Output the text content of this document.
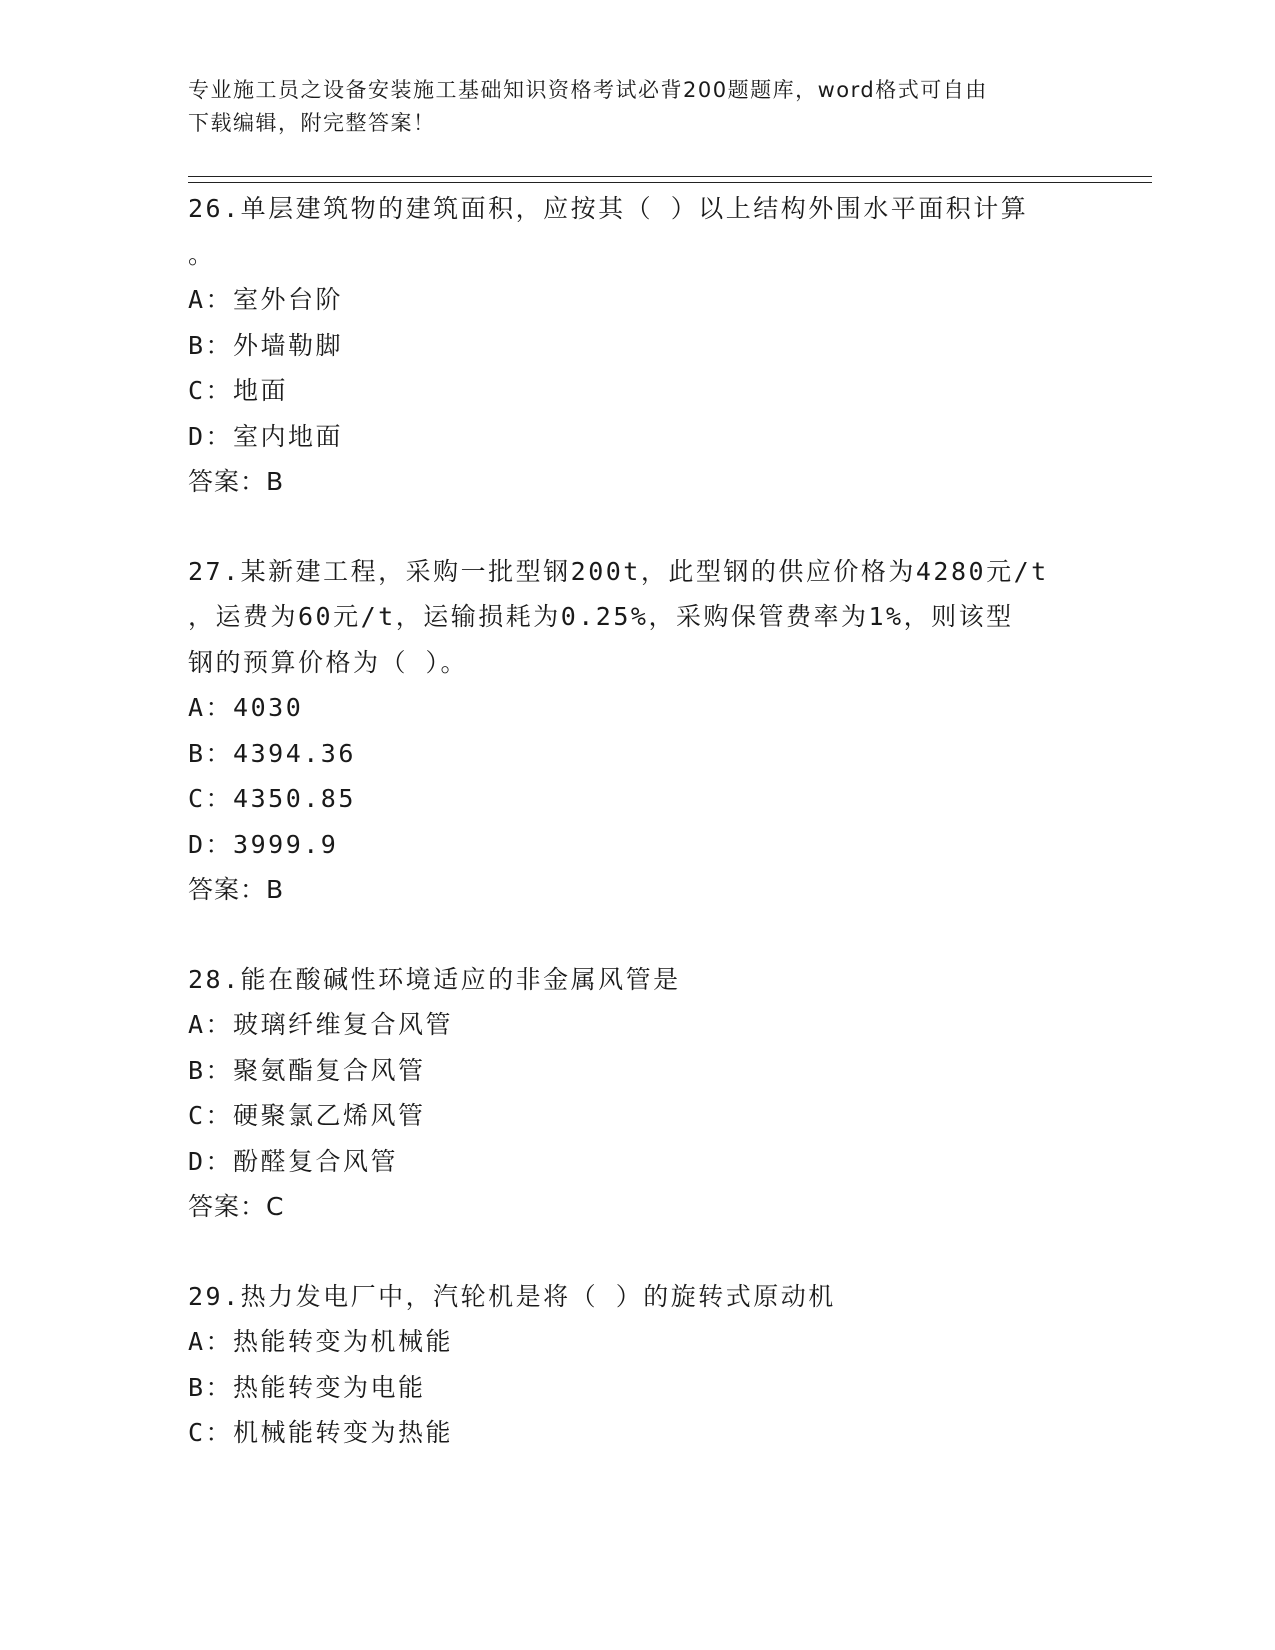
专业施工员之设备安装施工基础知识资格考试必背200题题库，word格式可自由
下载编辑，附完整答案！
26.单层建筑物的建筑面积，应按其（ ）以上结构外围水平面积计算
。
A：室外台阶
B：外墙勒脚
C：地面
D：室内地面
答案：B
27.某新建工程，采购一批型钢200t，此型钢的供应价格为4280元/t
，运费为60元/t，运输损耗为0.25%，采购保管费率为1%，则该型
钢的预算价格为（ ）。
A：4030
B：4394.36
C：4350.85
D：3999.9
答案：B
28.能在酸碱性环境适应的非金属风管是
A：玻璃纤维复合风管
B：聚氨酯复合风管
C：硬聚氯乙烯风管
D：酚醛复合风管
答案：C
29.热力发电厂中，汽轮机是将（ ）的旋转式原动机
A：热能转变为机械能
B：热能转变为电能
C：机械能转变为热能
